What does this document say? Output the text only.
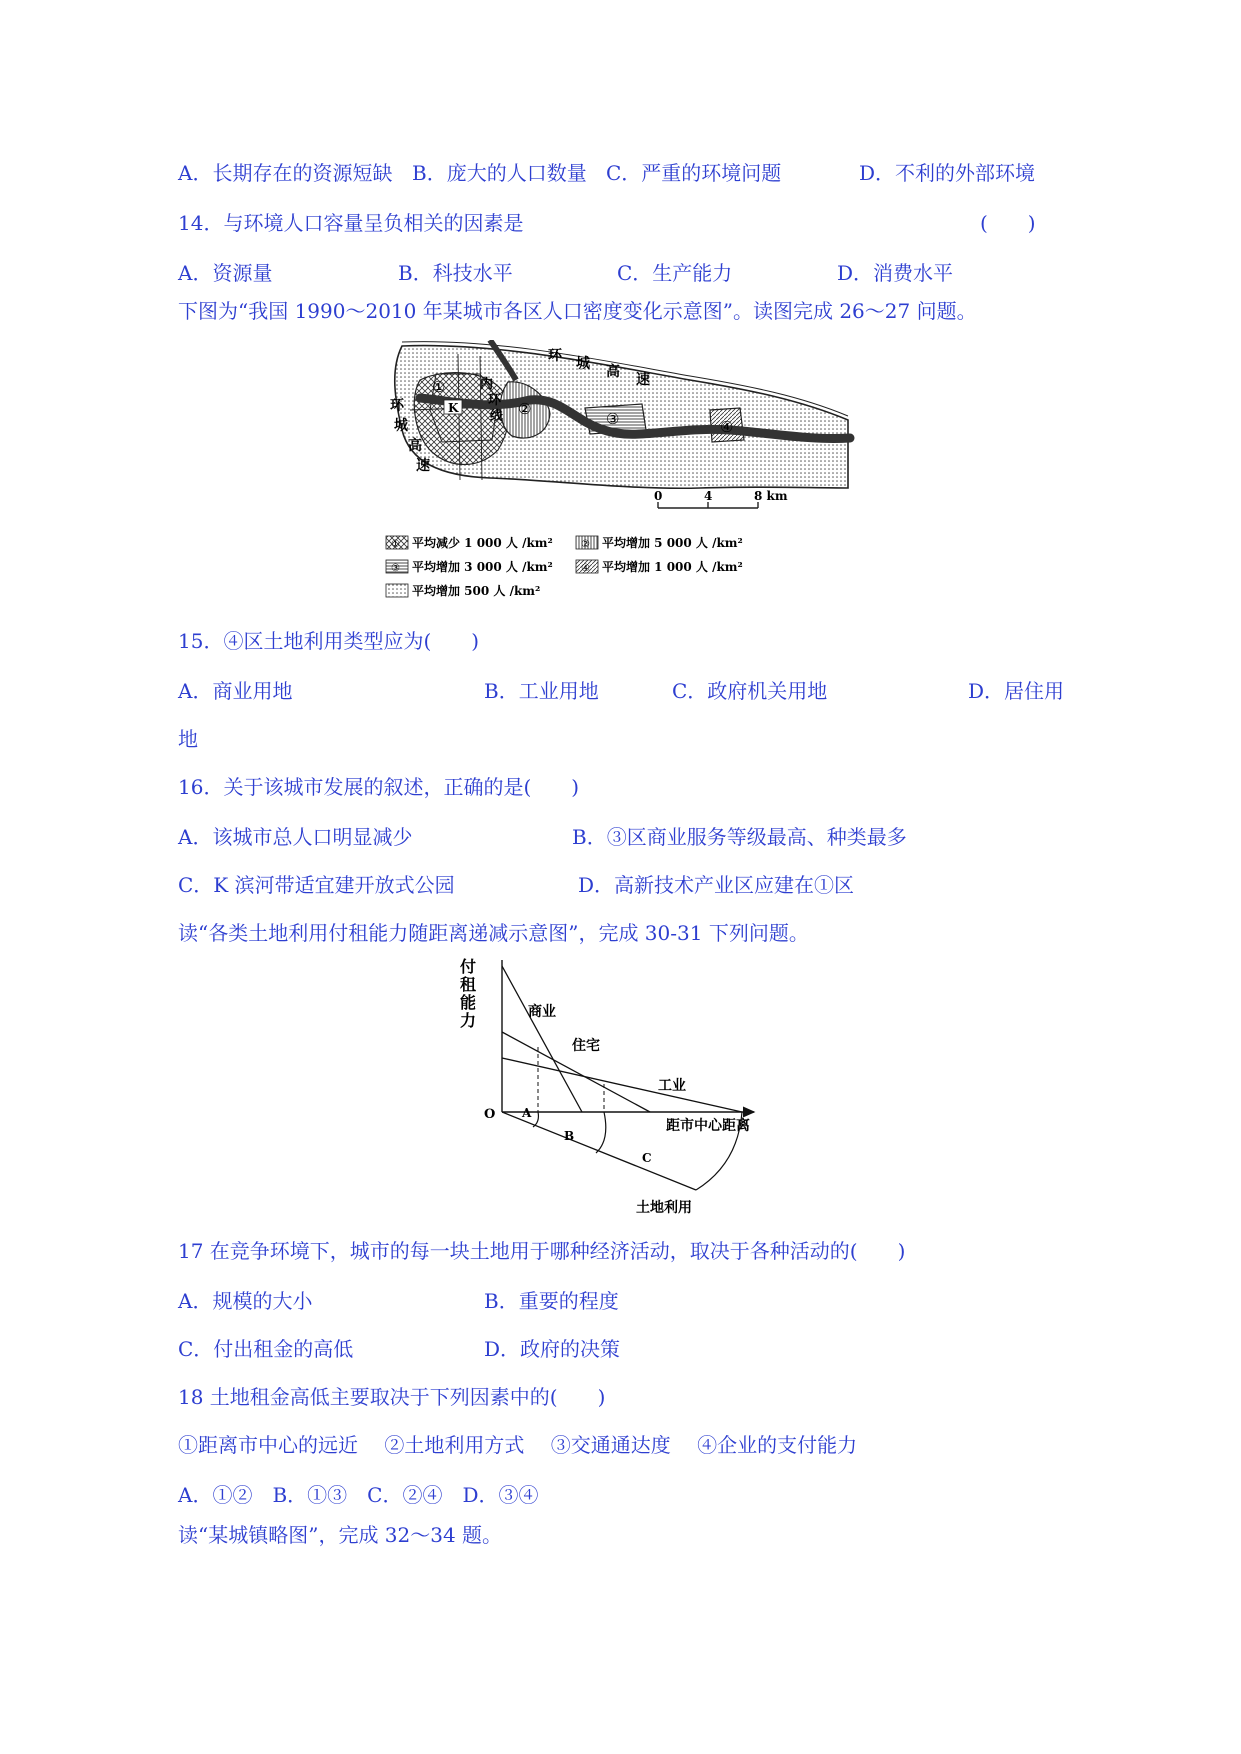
A．长期存在的资源短缺 B．庞大的人口数量 C．严重的环境问题	D．不利的外部环境
14．与环境人口容量呈负相关的因素是	(　　)
A．资源量	B．科技水平	C．生产能力	D．消费水平
下图为“我国 1990～2010 年某城市各区人口密度变化示意图”。读图完成 26～27 问题。
环 城 高 速
环
城
高
速
内
环
线
K
①
②
③	④
0	4	8 km
① 平均减少 1 000 人 /km²	② 平均增加 5 000 人 /km²
③ 平均增加 3 000 人 /km²	④ 平均增加 1 000 人 /km²
平均增加 500 人 /km²
15．④区土地利用类型应为(　　)
A．商业用地	B．工业用地	C．政府机关用地	D．居住用
地
16．关于该城市发展的叙述，正确的是(　　)
A．该城市总人口明显减少	B．③区商业服务等级最高、种类最多
C．K 滨河带适宜建开放式公园	D．高新技术产业区应建在①区
读“各类土地利用付租能力随距离递减示意图”，完成 30-31 下列问题。
付
租
能
力
O
距市中心距离
商业
住宅
工业
A
B
C
土地利用
17 在竞争环境下，城市的每一块土地用于哪种经济活动，取决于各种活动的(　　)
A．规模的大小	B．重要的程度
C．付出租金的高低	D．政府的决策
18 土地租金高低主要取决于下列因素中的(　　)
①距离市中心的远近　 ②土地利用方式　 ③交通通达度　 ④企业的支付能力
A．①②　B．①③　C．②④　D．③④
读“某城镇略图”，完成 32～34 题。
